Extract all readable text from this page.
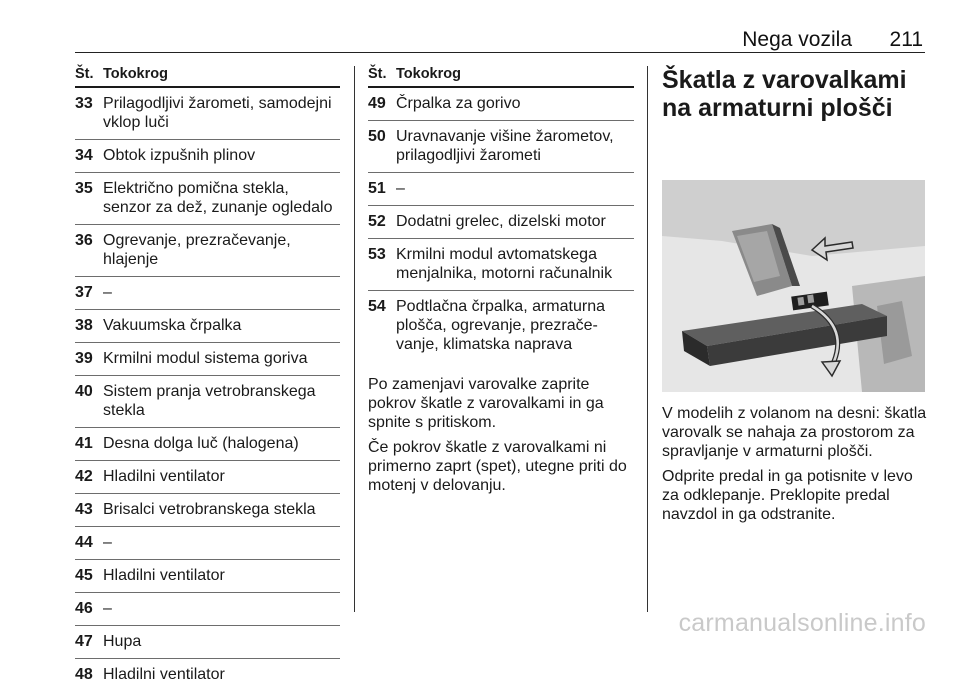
Nega vozila 211
Št. Tokokrog
33 Prilagodljivi žarometi, samodejni vklop luči
34 Obtok izpušnih plinov
35 Električno pomična stekla, senzor za dež, zunanje ogledalo
36 Ogrevanje, prezračevanje, hlajenje
37 –
38 Vakuumska črpalka
39 Krmilni modul sistema goriva
40 Sistem pranja vetrobranskega stekla
41 Desna dolga luč (halogena)
42 Hladilni ventilator
43 Brisalci vetrobranskega stekla
44 –
45 Hladilni ventilator
46 –
47 Hupa
48 Hladilni ventilator
Št. Tokokrog
49 Črpalka za gorivo
50 Uravnavanje višine žarometov, prilagodljivi žarometi
51 –
52 Dodatni grelec, dizelski motor
53 Krmilni modul avtomatskega menjalnika, motorni računalnik
54 Podtlačna črpalka, armaturna plošča, ogrevanje, prezrače-vanje, klimatska naprava

Po zamenjavi varovalke zaprite pokrov škatle z varovalkami in ga spnite s pritiskom.

Če pokrov škatle z varovalkami ni primerno zaprt (spet), utegne priti do motenj v delovanju.

Škatla z varovalkami na armaturni plošči

V modelih z volanom na desni: škatla varovalk se nahaja za prostorom za spravljanje v armaturni plošči.

Odprite predal in ga potisnite v levo za odklepanje. Preklopite predal navzdol in ga odstranite.

carmanualsonline.info
